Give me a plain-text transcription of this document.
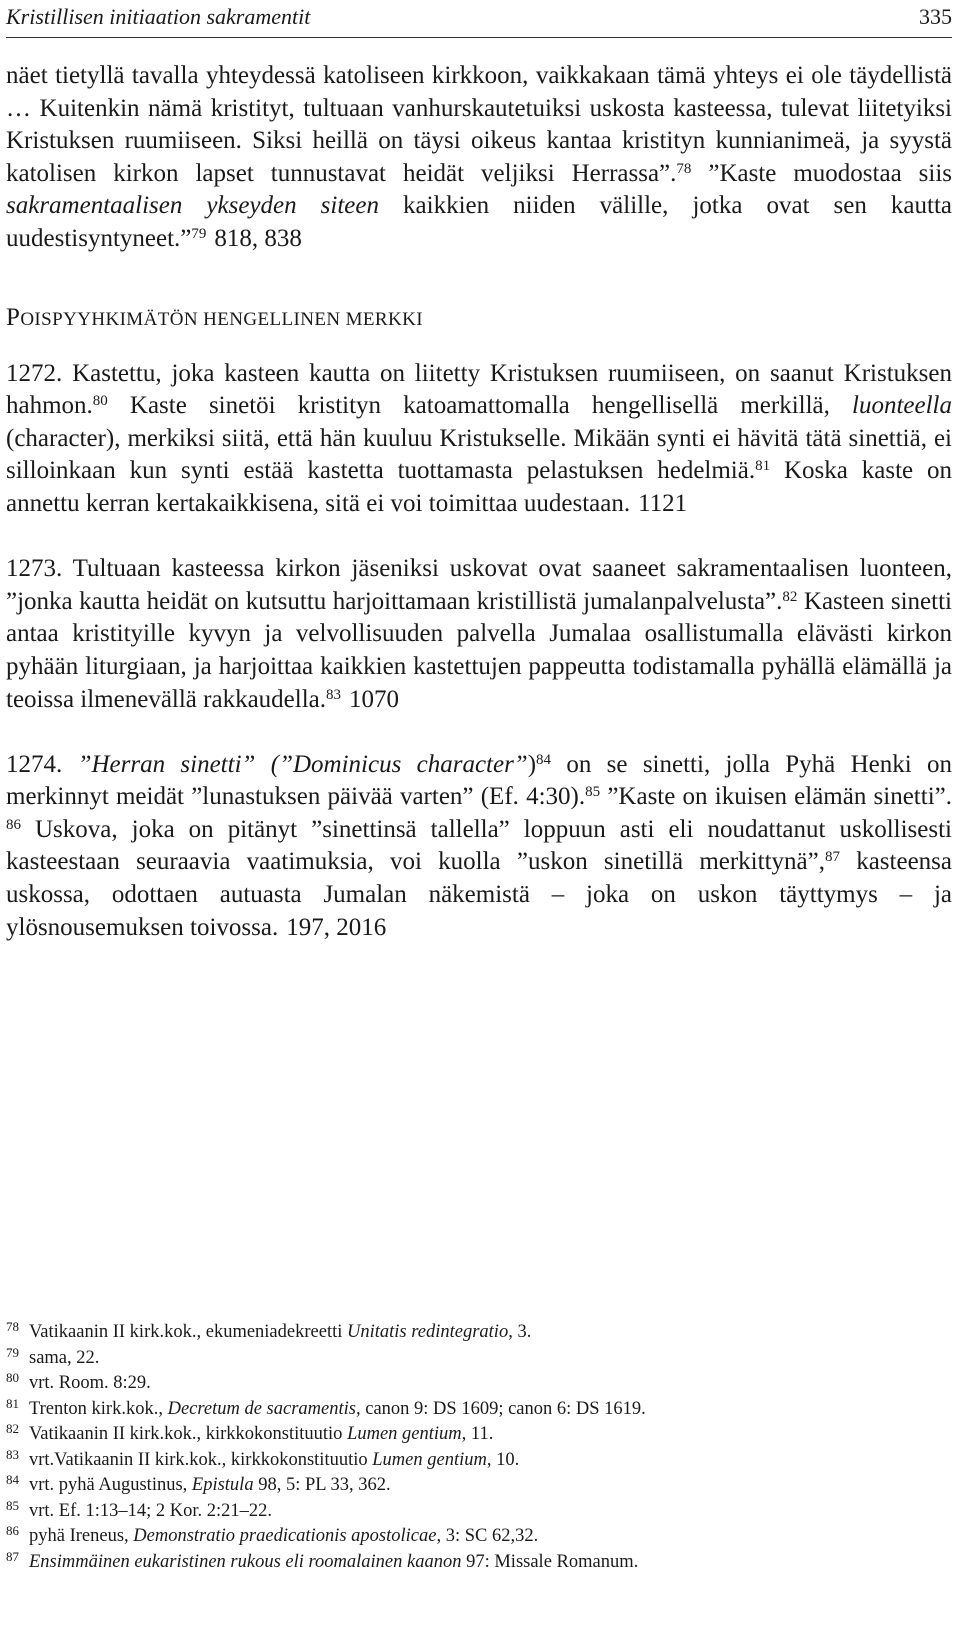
Kristillisen initiaation sakramentit	335

näet tietyllä tavalla yhteydessä katoliseen kirkkoon, vaikkakaan tämä yhteys ei ole täydellistä … Kuitenkin nämä kristityt, tultuaan vanhurskautetuiksi uskosta kasteessa, tulevat liitetyiksi Kristuksen ruumiiseen. Siksi heillä on täysi oikeus kantaa kristityn kunnianimeä, ja syystä katolisen kirkon lapset tunnustavat heidät veljiksi Herrassa”.$^{78}$ ”Kaste muodostaa siis sakramentaalisen ykseyden siteen kaikkien niiden välille, jotka ovat sen kautta uudestisyntyneet.”$^{79}$ 818, 838

POISPYYHKIMÄTÖN HENGELLINEN MERKKI

1272. Kastettu, joka kasteen kautta on liitetty Kristuksen ruumiiseen, on saanut Kristuksen hahmon.$^{80}$ Kaste sinetöi kristityn katoamattomalla hengellisellä merkillä, luonteella (character), merkiksi siitä, että hän kuuluu Kristukselle. Mikään synti ei hävitä tätä sinettiä, ei silloinkaan kun synti estää kastetta tuottamasta pelastuksen hedelmiä.$^{81}$ Koska kaste on annettu kerran kertakaikkisena, sitä ei voi toimittaa uudestaan. 1121

1273. Tultuaan kasteessa kirkon jäseniksi uskovat ovat saaneet sakramentaalisen luonteen, ”jonka kautta heidät on kutsuttu harjoittamaan kristillistä jumalanpalvelusta”.$^{82}$ Kasteen sinetti antaa kristityille kyvyn ja velvollisuuden palvella Jumalaa osallistumalla elävästi kirkon pyhään liturgiaan, ja harjoittaa kaikkien kastettujen pappeutta todistamalla pyhällä elämällä ja teoissa ilmenevällä rakkaudella.$^{83}$ 1070

1274. ”Herran sinetti” (”Dominicus character”)$^{84}$ on se sinetti, jolla Pyhä Henki on merkinnyt meidät ”lunastuksen päivää varten” (Ef. 4:30).$^{85}$ ”Kaste on ikuisen elämän sinetti”. $^{86}$ Uskova, joka on pitänyt ”sinettinsä tallella” loppuun asti eli noudattanut uskollisesti kasteestaan seuraavia vaatimuksia, voi kuolla ”uskon sinetillä merkittynä”,$^{87}$ kasteensa uskossa, odottaen autuasta Jumalan näkemistä – joka on uskon täyttymys – ja ylösnousemuksen toivossa. 197, 2016

$^{78}$ Vatikaanin II kirk.kok., ekumeniadekreetti Unitatis redintegratio, 3.
$^{79}$ sama, 22.
$^{80}$ vrt. Room. 8:29.
$^{81}$ Trenton kirk.kok., Decretum de sacramentis, canon 9: DS 1609; canon 6: DS 1619.
$^{82}$ Vatikaanin II kirk.kok., kirkkokonstituutio Lumen gentium, 11.
$^{83}$ vrt.Vatikaanin II kirk.kok., kirkkokonstituutio Lumen gentium, 10.
$^{84}$ vrt. pyhä Augustinus, Epistula 98, 5: PL 33, 362.
$^{85}$ vrt. Ef. 1:13–14; 2 Kor. 2:21–22.
$^{86}$ pyhä Ireneus, Demonstratio praedicationis apostolicae, 3: SC 62,32.
$^{87}$ Ensimmäinen eukaristinen rukous eli roomalainen kaanon 97: Missale Romanum.
